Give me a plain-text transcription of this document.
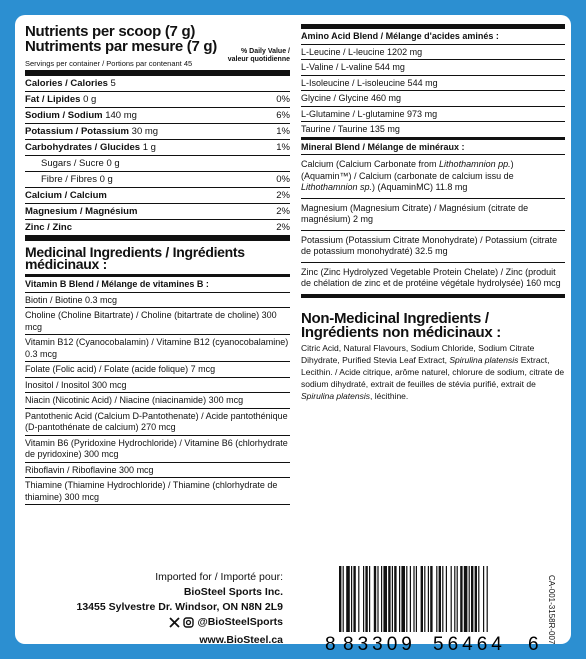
Nutrients per scoop (7 g)
Nutriments par mesure (7 g)	% Daily Value /
valeur quotidienne
Servings per container / Portions par contenant 45
Calories / Calories 5
Fat / Lipides 0 g	0%
Sodium / Sodium 140 mg	6%
Potassium / Potassium 30 mg	1%
Carbohydrates / Glucides 1 g	1%
Sugars / Sucre 0 g
Fibre / Fibres 0 g	0%
Calcium / Calcium	2%
Magnesium / Magnésium	2%
Zinc / Zinc	2%
Medicinal Ingredients / Ingrédients
médicinaux :
Vitamin B Blend / Mélange de vitamines B :
Biotin / Biotine 0.3 mcg
Choline (Choline Bitartrate) / Choline (bitartrate de choline) 300 mcg
Vitamin B12 (Cyanocobalamin) / Vitamine B12 (cyanocobalamine) 0.3 mcg
Folate (Folic acid) / Folate (acide folique) 7 mcg
Inositol / Inositol 300 mcg
Niacin (Nicotinic Acid) / Niacine (niacinamide) 300 mcg
Pantothenic Acid (Calcium D-Pantothenate) / Acide pantothénique (D-pantothénate de calcium) 270 mcg
Vitamin B6 (Pyridoxine Hydrochloride) / Vitamine B6 (chlorhydrate de pyridoxine) 300 mcg
Riboflavin / Riboflavine 300 mcg
Thiamine (Thiamine Hydrochloride) / Thiamine (chlorhydrate de thiamine) 300 mcg
Imported for / Importé pour:
BioSteel Sports Inc.
13455 Sylvestre Dr. Windsor, ON N8N 2L9
@BioSteelSports
www.BioSteel.ca
Amino Acid Blend / Mélange d'acides aminés :
L-Leucine / L-leucine 1202 mg
L-Valine / L-valine 544 mg
L-Isoleucine / L-isoleucine 544 mg
Glycine / Glycine 460 mg
L-Glutamine / L-glutamine 973 mg
Taurine / Taurine 135 mg
Mineral Blend / Mélange de minéraux :
Calcium (Calcium Carbonate from Lithothamnion pp.) (Aquamin™) / Calcium (carbonate de calcium issu de Lithothamnion sp.) (AquaminMC) 11.8 mg
Magnesium (Magnesium Citrate) / Magnésium (citrate de magnésium) 2 mg
Potassium (Potassium Citrate Monohydrate) / Potassium (citrate de potassium monohydraté) 32.5 mg
Zinc (Zinc Hydrolyzed Vegetable Protein Chelate) / Zinc (produit de chélation de zinc et de protéine végétale hydrolysée) 160 mcg
Non-Medicinal Ingredients /
Ingrédients non médicinaux :
Citric Acid, Natural Flavours, Sodium Chloride, Sodium Citrate Dihydrate, Purified Stevia Leaf Extract, Spirulina platensis Extract, Lecithin. / Acide citrique, arôme naturel, chlorure de sodium, citrate de sodium dihydraté, extrait de feuilles de stévia purifié, extrait de Spirulina platensis, lécithine.
8 83309 56464 6
CA-001-3158R-007
